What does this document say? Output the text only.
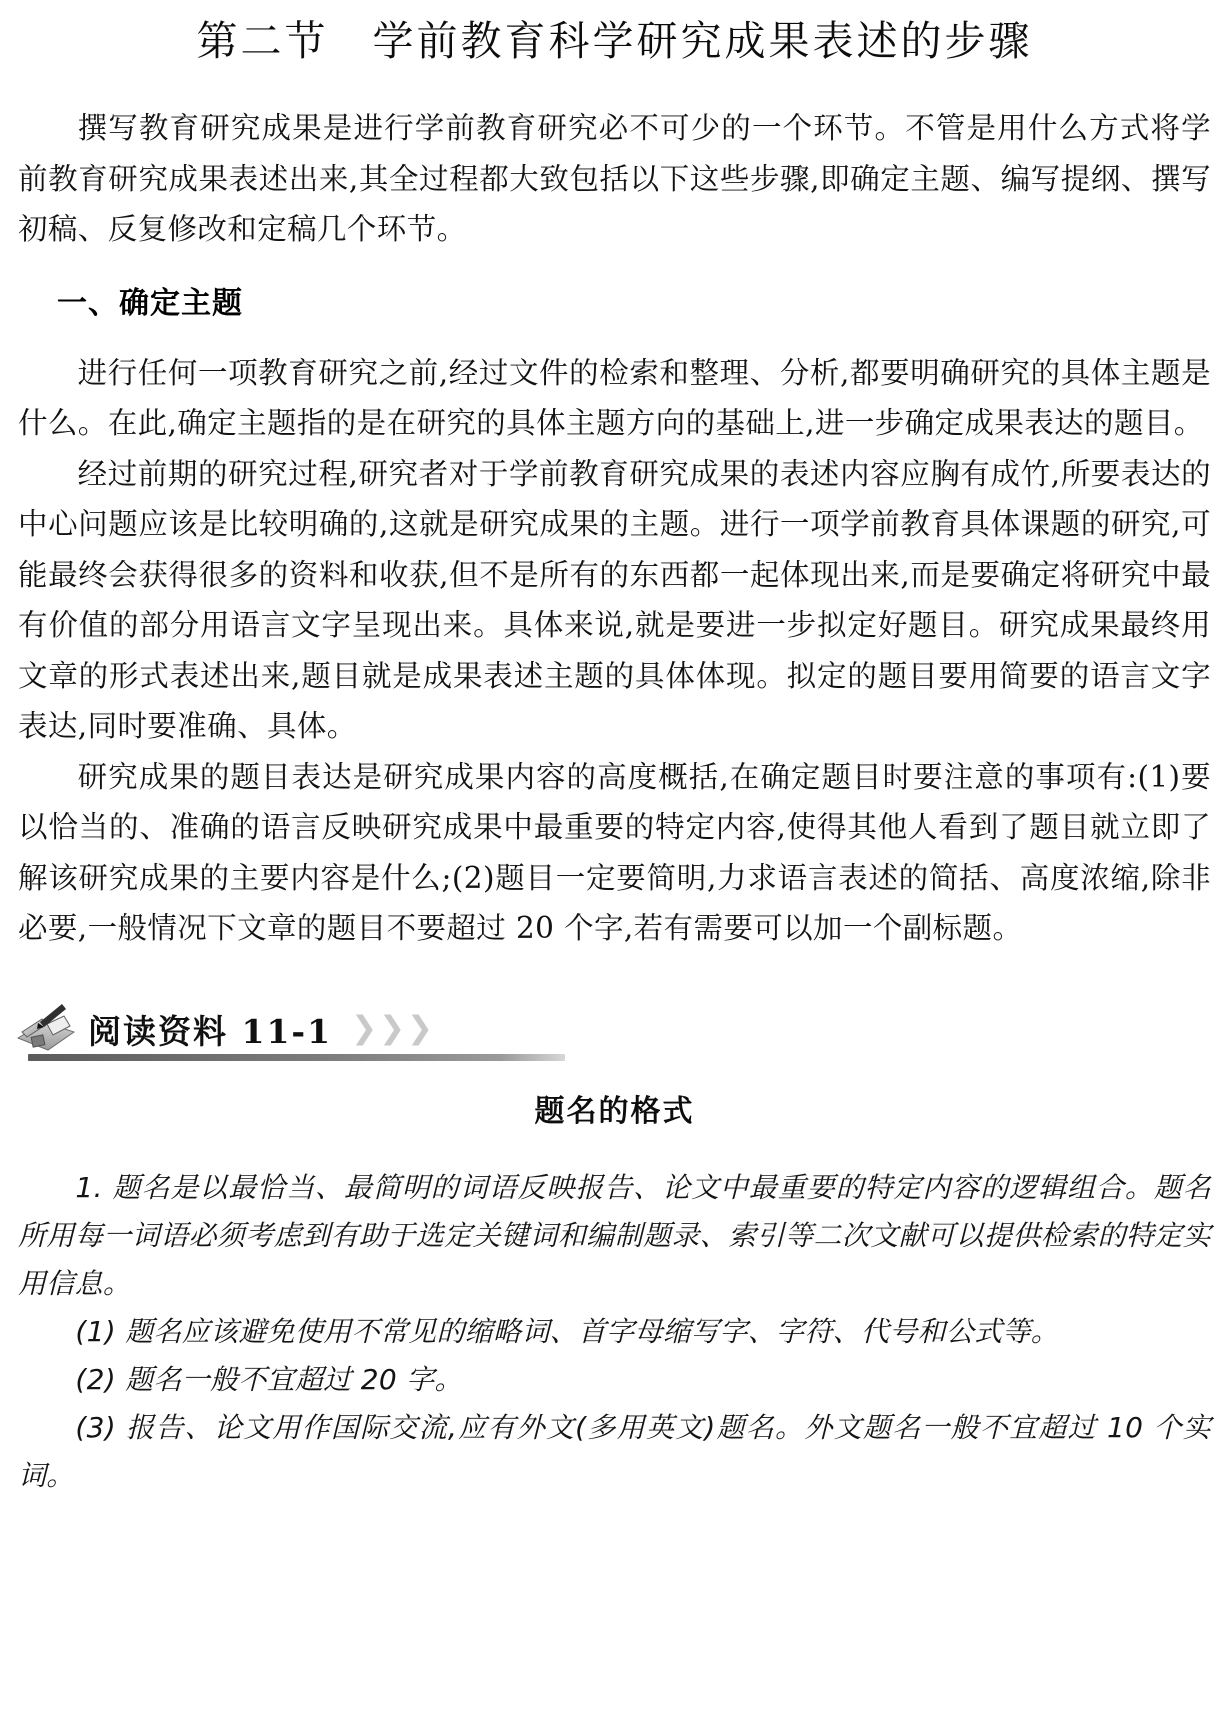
第二节　学前教育科学研究成果表述的步骤

撰写教育研究成果是进行学前教育研究必不可少的一个环节。不管是用什么方式将学前教育研究成果表述出来,其全过程都大致包括以下这些步骤,即确定主题、编写提纲、撰写初稿、反复修改和定稿几个环节。

一、确定主题

进行任何一项教育研究之前,经过文件的检索和整理、分析,都要明确研究的具体主题是什么。在此,确定主题指的是在研究的具体主题方向的基础上,进一步确定成果表达的题目。

经过前期的研究过程,研究者对于学前教育研究成果的表述内容应胸有成竹,所要表达的中心问题应该是比较明确的,这就是研究成果的主题。进行一项学前教育具体课题的研究,可能最终会获得很多的资料和收获,但不是所有的东西都一起体现出来,而是要确定将研究中最有价值的部分用语言文字呈现出来。具体来说,就是要进一步拟定好题目。研究成果最终用文章的形式表述出来,题目就是成果表述主题的具体体现。拟定的题目要用简要的语言文字表达,同时要准确、具体。

研究成果的题目表达是研究成果内容的高度概括,在确定题目时要注意的事项有:(1)要以恰当的、准确的语言反映研究成果中最重要的特定内容,使得其他人看到了题目就立即了解该研究成果的主要内容是什么;(2)题目一定要简明,力求语言表述的简括、高度浓缩,除非必要,一般情况下文章的题目不要超过 20 个字,若有需要可以加一个副标题。

阅读资料 11-1 ❯ ❯ ❯
题名的格式

1. 题名是以最恰当、最简明的词语反映报告、论文中最重要的特定内容的逻辑组合。题名所用每一词语必须考虑到有助于选定关键词和编制题录、索引等二次文献可以提供检索的特定实用信息。

(1) 题名应该避免使用不常见的缩略词、首字母缩写字、字符、代号和公式等。

(2) 题名一般不宜超过 20 字。

(3) 报告、论文用作国际交流,应有外文(多用英文)题名。外文题名一般不宜超过 10 个实词。
